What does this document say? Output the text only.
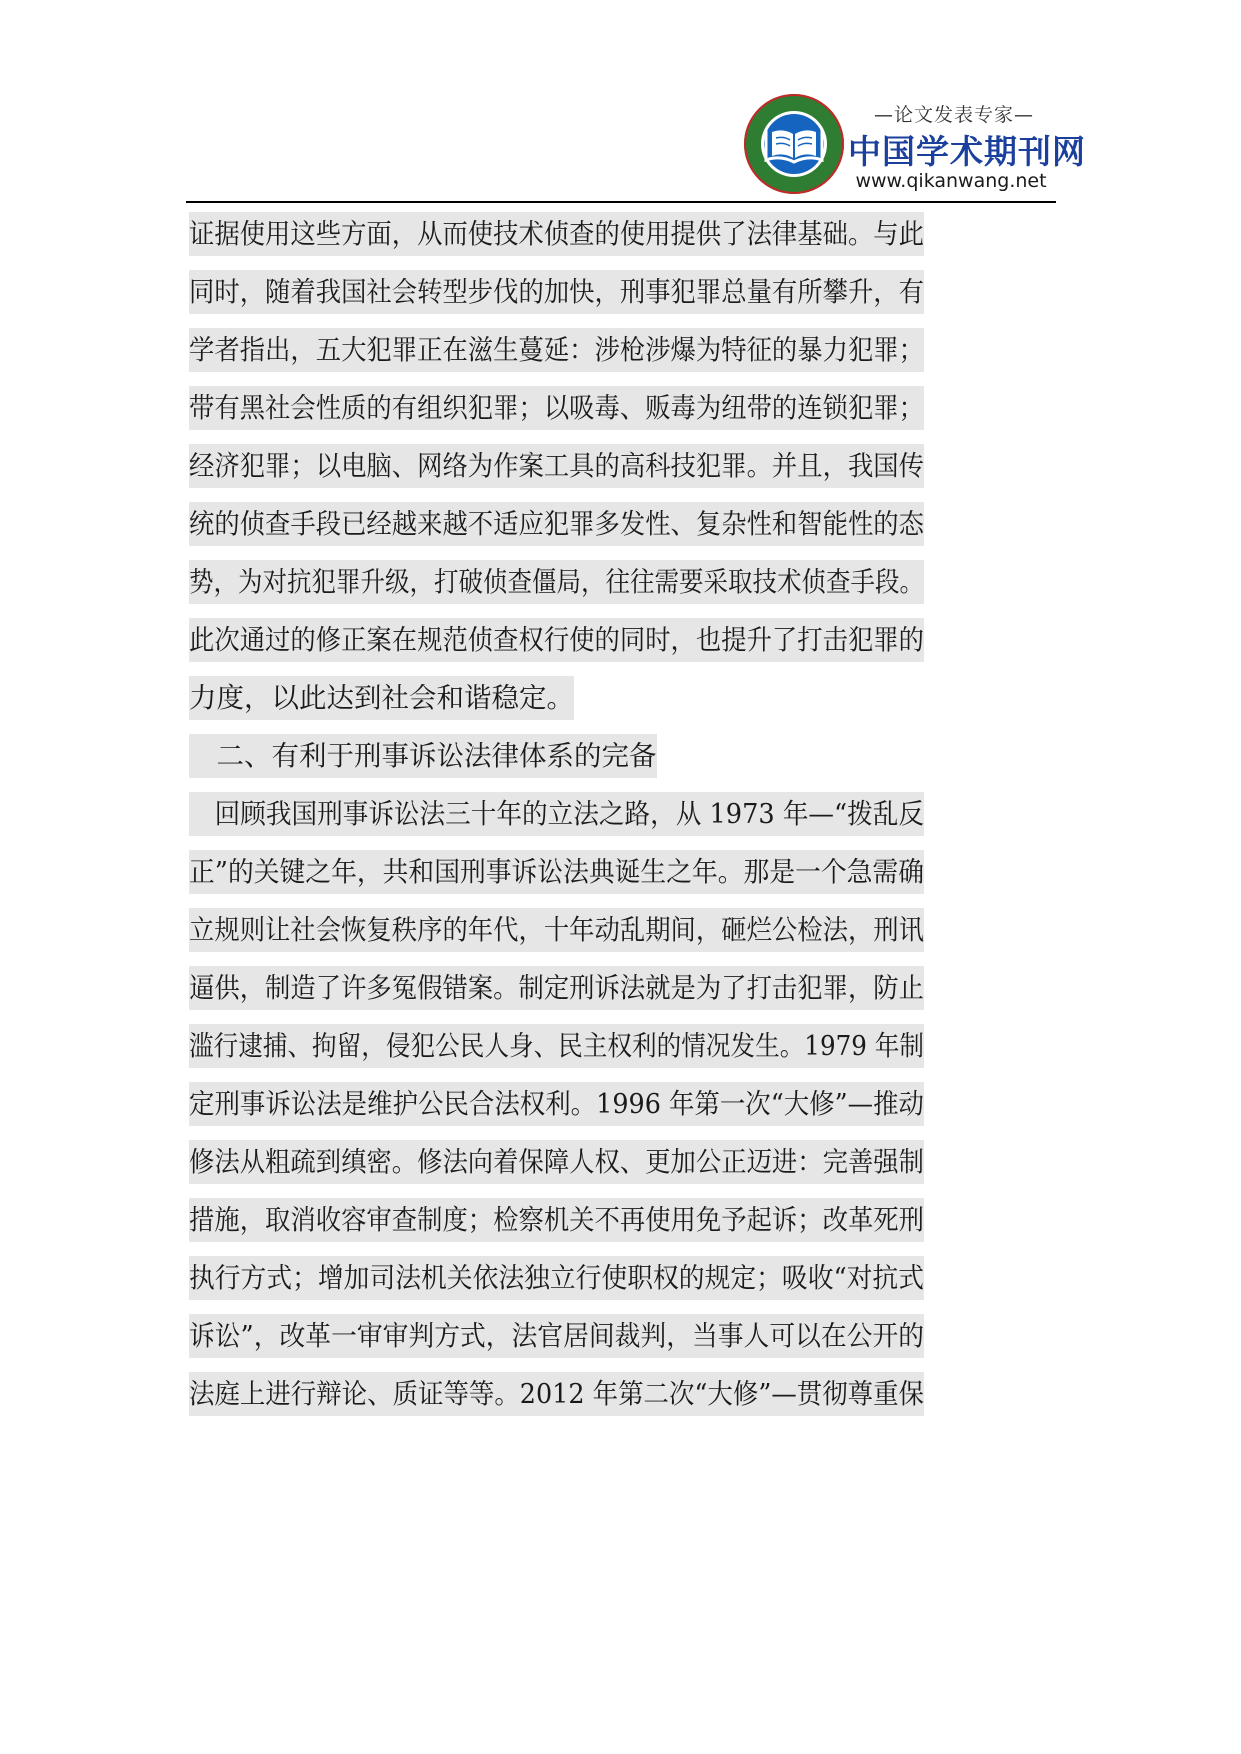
—论文发表专家—
中国学术期刊网
www.qikanwang.net
证据使用这些方面，从而使技术侦查的使用提供了法律基础。与此
同时，随着我国社会转型步伐的加快，刑事犯罪总量有所攀升，有
学者指出，五大犯罪正在滋生蔓延：涉枪涉爆为特征的暴力犯罪；
带有黑社会性质的有组织犯罪；以吸毒、贩毒为纽带的连锁犯罪；
经济犯罪；以电脑、网络为作案工具的高科技犯罪。并且，我国传
统的侦查手段已经越来越不适应犯罪多发性、复杂性和智能性的态
势，为对抗犯罪升级，打破侦查僵局，往往需要采取技术侦查手段。
此次通过的修正案在规范侦查权行使的同时，也提升了打击犯罪的
力度，以此达到社会和谐稳定。
　二、有利于刑事诉讼法律体系的完备
　回顾我国刑事诉讼法三十年的立法之路，从 1973 年—“拨乱反
正”的关键之年，共和国刑事诉讼法典诞生之年。那是一个急需确
立规则让社会恢复秩序的年代，十年动乱期间，砸烂公检法，刑讯
逼供，制造了许多冤假错案。制定刑诉法就是为了打击犯罪，防止
滥行逮捕、拘留，侵犯公民人身、民主权利的情况发生。1979 年制
定刑事诉讼法是维护公民合法权利。1996 年第一次“大修”—推动
修法从粗疏到缜密。修法向着保障人权、更加公正迈进：完善强制
措施，取消收容审查制度；检察机关不再使用免予起诉；改革死刑
执行方式；增加司法机关依法独立行使职权的规定；吸收“对抗式
诉讼”，改革一审审判方式，法官居间裁判，当事人可以在公开的
法庭上进行辩论、质证等等。2012 年第二次“大修”—贯彻尊重保
